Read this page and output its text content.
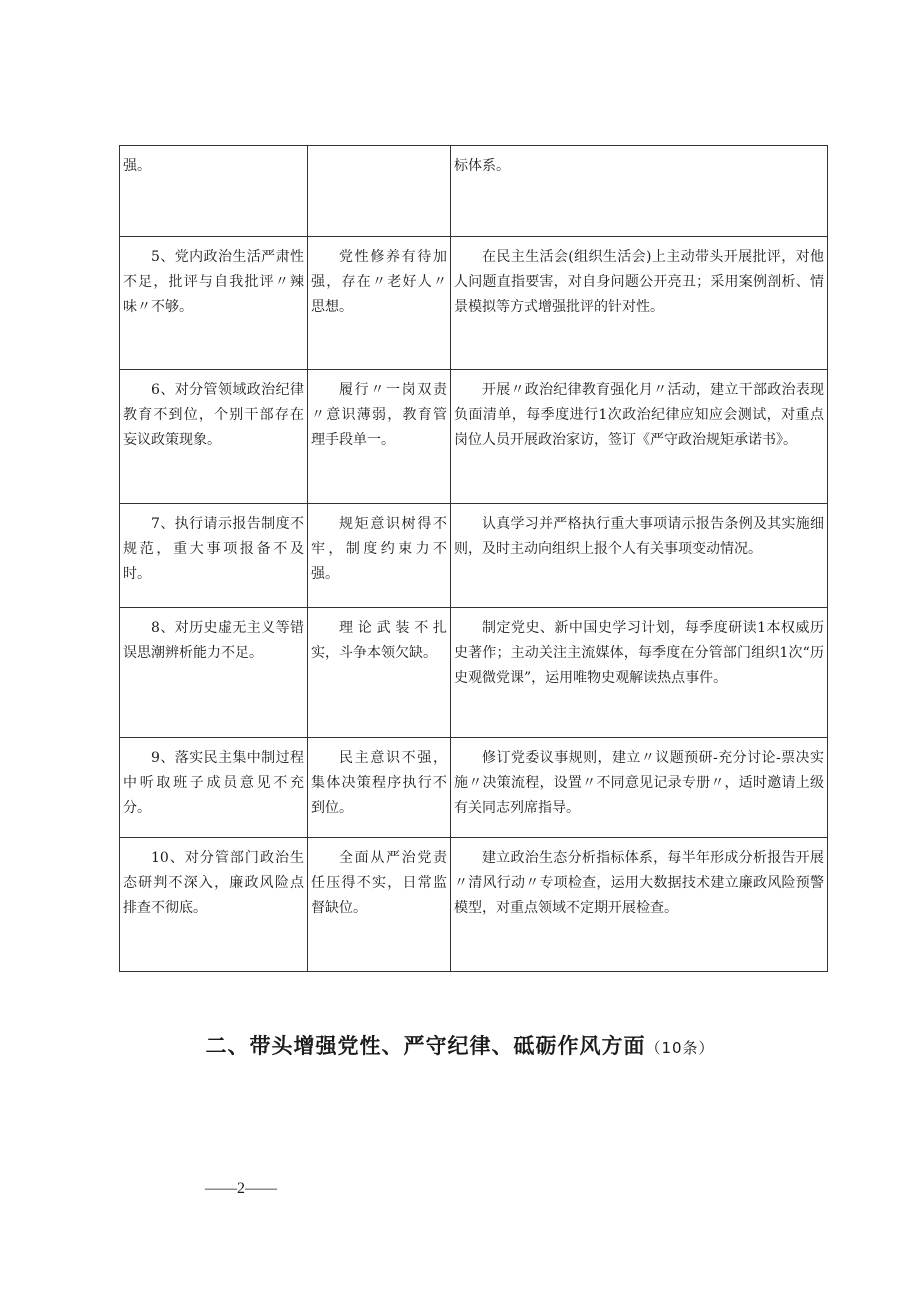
强。		标体系。
5、党内政治生活严肃性不足，批评与自我批评〃辣味〃不够。	党性修养有待加强，存在〃老好人〃思想。	在民主生活会(组织生活会)上主动带头开展批评，对他人问题直指要害，对自身问题公开亮丑；采用案例剖析、情景模拟等方式增强批评的针对性。
6、对分管领域政治纪律教育不到位，个别干部存在妄议政策现象。	履行〃一岗双责〃意识薄弱，教育管理手段单一。	开展〃政治纪律教育强化月〃活动，建立干部政治表现负面清单，每季度进行1次政治纪律应知应会测试，对重点岗位人员开展政治家访，签订《严守政治规矩承诺书》。
7、执行请示报告制度不规范，重大事项报备不及时。	规矩意识树得不牢，制度约束力不强。	认真学习并严格执行重大事项请示报告条例及其实施细则，及时主动向组织上报个人有关事项变动情况。
8、对历史虚无主义等错误思潮辨析能力不足。	理论武装不扎实，斗争本领欠缺。	制定党史、新中国史学习计划，每季度研读1本权威历史著作；主动关注主流媒体，每季度在分管部门组织1次“历史观微党课”，运用唯物史观解读热点事件。
9、落实民主集中制过程中听取班子成员意见不充分。	民主意识不强，集体决策程序执行不到位。	修订党委议事规则，建立〃议题预研-充分讨论-票决实施〃决策流程，设置〃不同意见记录专册〃，适时邀请上级有关同志列席指导。
10、对分管部门政治生态研判不深入，廉政风险点排查不彻底。	全面从严治党责任压得不实，日常监督缺位。	建立政治生态分析指标体系，每半年形成分析报告开展〃清风行动〃专项检查，运用大数据技术建立廉政风险预警模型，对重点领域不定期开展检查。
二、带头增强党性、严守纪律、砥砺作风方面（10条）
——2——
